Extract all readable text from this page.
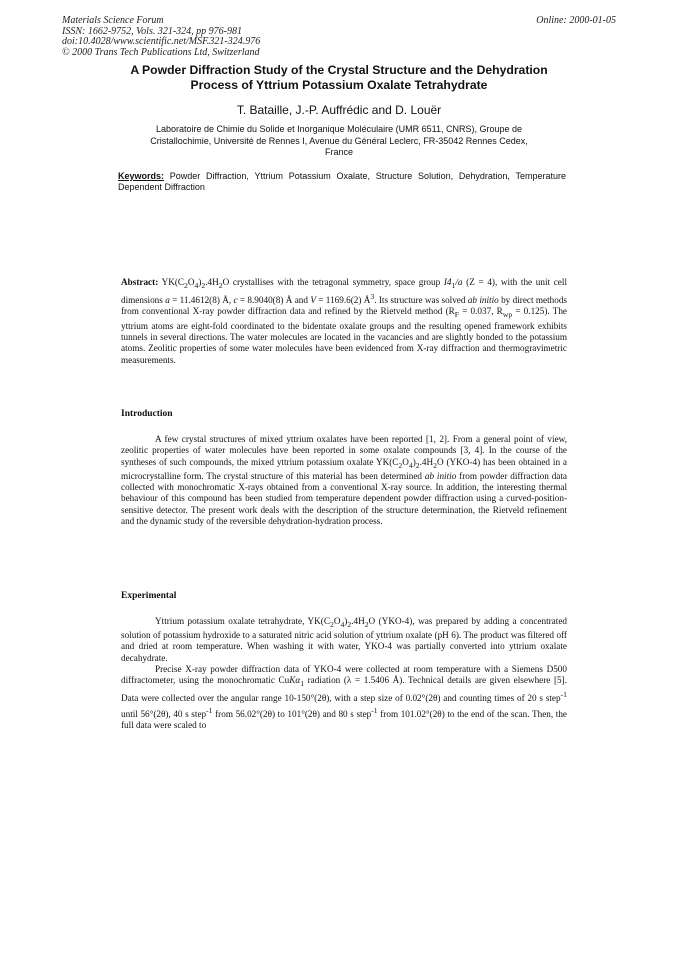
Materials Science Forum
ISSN: 1662-9752, Vols. 321-324, pp 976-981
doi:10.4028/www.scientific.net/MSF.321-324.976
© 2000 Trans Tech Publications Ltd, Switzerland
Online: 2000-01-05
A Powder Diffraction Study of the Crystal Structure and the Dehydration
Process of Yttrium Potassium Oxalate Tetrahydrate
T. Bataille, J.-P. Auffrédic and D. Louër
Laboratoire de Chimie du Solide et Inorganique Moléculaire (UMR 6511, CNRS), Groupe de
Cristallochimie, Université de Rennes I, Avenue du Général Leclerc, FR-35042 Rennes Cedex,
France
Keywords: Powder Diffraction, Yttrium Potassium Oxalate, Structure Solution, Dehydration, Temperature Dependent Diffraction

Abstract: $YK(C_2O_4)_2.4H_2O$ crystallises with the tetragonal symmetry, space group $I4_1/a$ (Z = 4), with the unit cell dimensions a = 11.4612(8) Å, c = 8.9040(8) Å and V = 1169.6(2) $Å^3$. Its structure was solved ab initio by direct methods from conventional X-ray powder diffraction data and refined by the Rietveld method ($R_F = 0.037$, $R_{wp} = 0.125$). The yttrium atoms are eight-fold coordinated to the bidentate oxalate groups and the resulting opened framework exhibits tunnels in several directions. The water molecules are located in the vacancies and are slightly bonded to the potassium atoms. Zeolitic properties of some water molecules have been evidenced from X-ray diffraction and thermogravimetric measurements.

Introduction

A few crystal structures of mixed yttrium oxalates have been reported [1, 2]. From a general point of view, zeolitic properties of water molecules have been reported in some oxalate compounds [3, 4]. In the course of the syntheses of such compounds, the mixed yttrium potassium oxalate $YK(C_2O_4)_2.4H_2O$ (YKO-4) has been obtained in a microcrystalline form. The crystal structure of this material has been determined ab initio from powder diffraction data collected with monochromatic X-rays obtained from a conventional X-ray source. In addition, the interesting thermal behaviour of this compound has been studied from temperature dependent powder diffraction using a curved-position-sensitive detector. The present work deals with the description of the structure determination, the Rietveld refinement and the dynamic study of the reversible dehydration-hydration process.

Experimental

Yttrium potassium oxalate tetrahydrate, $YK(C_2O_4)_2.4H_2O$ (YKO-4), was prepared by adding a concentrated solution of potassium hydroxide to a saturated nitric acid solution of yttrium oxalate (pH 6). The product was filtered off and dried at room temperature. When washing it with water, YKO-4 was partially converted into yttrium oxalate decahydrate.

Precise X-ray powder diffraction data of YKO-4 were collected at room temperature with a Siemens D500 diffractometer, using the monochromatic CuKα$_1$ radiation (λ = 1.5406 Å). Technical details are given elsewhere [5]. Data were collected over the angular range 10-150°(2θ), with a step size of 0.02°(2θ) and counting times of 20 s step$^{-1}$ until 56°(2θ), 40 s step$^{-1}$ from 56.02°(2θ) to 101°(2θ) and 80 s step$^{-1}$ from 101.02°(2θ) to the end of the scan. Then, the full data were scaled to
